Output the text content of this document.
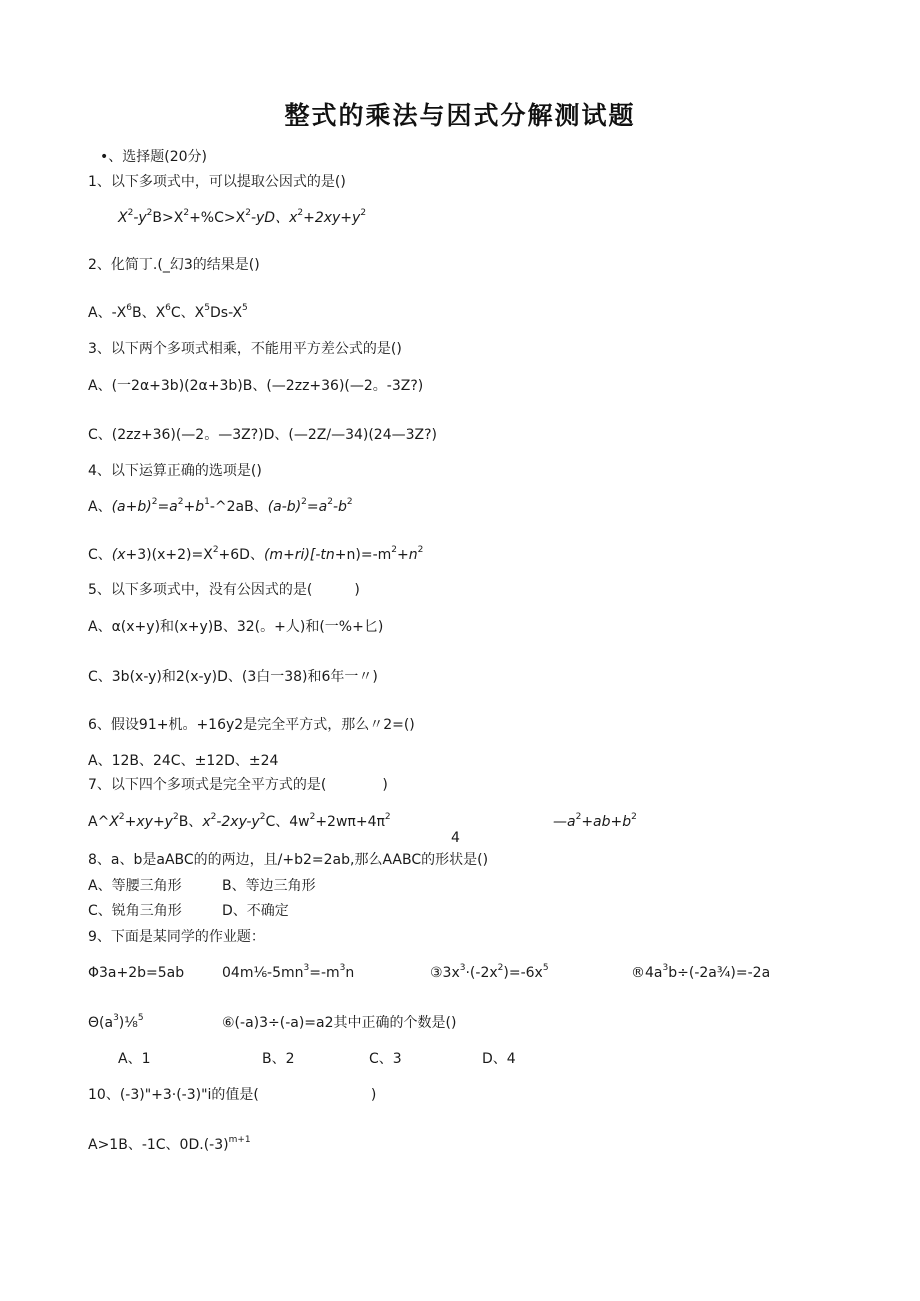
整式的乘法与因式分解测试题
•、选择题(20分)
1、以下多项式中，可以提取公因式的是()
$X^2-y^2B>X^2+\%C>X^2-yD$、$x^2+2xy+y^2$
2、化简丁.(_幻3的结果是()
A、$-X^6B$、$X^6C$、$X^5Ds-X^5$
3、以下两个多项式相乘，不能用平方差公式的是()
A、(一2α+3b)(2α+3b)B、(—2zz+36)(—2。-3Z?)
C、(2zz+36)(—2。—3Z?)D、(—2Z/—34)(24—3Z?)
4、以下运算正确的选项是()
A、$(a+b)^2=a^2+b^1-\^{}2aB$、$(a-b)^2=a^2-b^2$
C、$(x+3)(x+2)=X^2+6D$、$(m+ri)[-tn+n)=-m^2+n^2$
5、以下多项式中，没有公因式的是(　　　)
A、α(x+y)和(x+y)B、32(。+人)和(一%+匕)
C、3b(x-y)和2(x-y)D、(3白一38)和6年一〃)
6、假设91+机。+16y2是完全平方式，那么〃2=()
A、12B、24C、±12D、±24
7、以下四个多项式是完全平方式的是(　　　　)
$A\^{}X^2+xy+y^2B$、$x^2-2xy-y^2C$、$4w^2+2w\pi+4\pi^2$	$—a^2+ab+b^2$
4
8、a、b是aABC的的两边，且/+b2=2ab,那么AABC的形状是()
A、等腰三角形	B、等边三角形
C、锐角三角形	D、不确定
9、下面是某同学的作业题：
Φ3a+2b=5ab	$04m\frac{1}{6}-5mn^3=-m^3n$	$③3x^3\cdot(-2x^2)=-6x^5$	$®4a^3b\div(-2a\frac{3}{4})=-2a$
$\Theta(a^3)\frac{1}{8}^5$	⑥(-a)3÷(-a)=a2其中正确的个数是()
A、1	B、2	C、3	D、4
10、(-3)"+3·(-3)"i的值是(　　　　　　　　)
A>1B、-1C、$0D.(-3)^{m+1}$
